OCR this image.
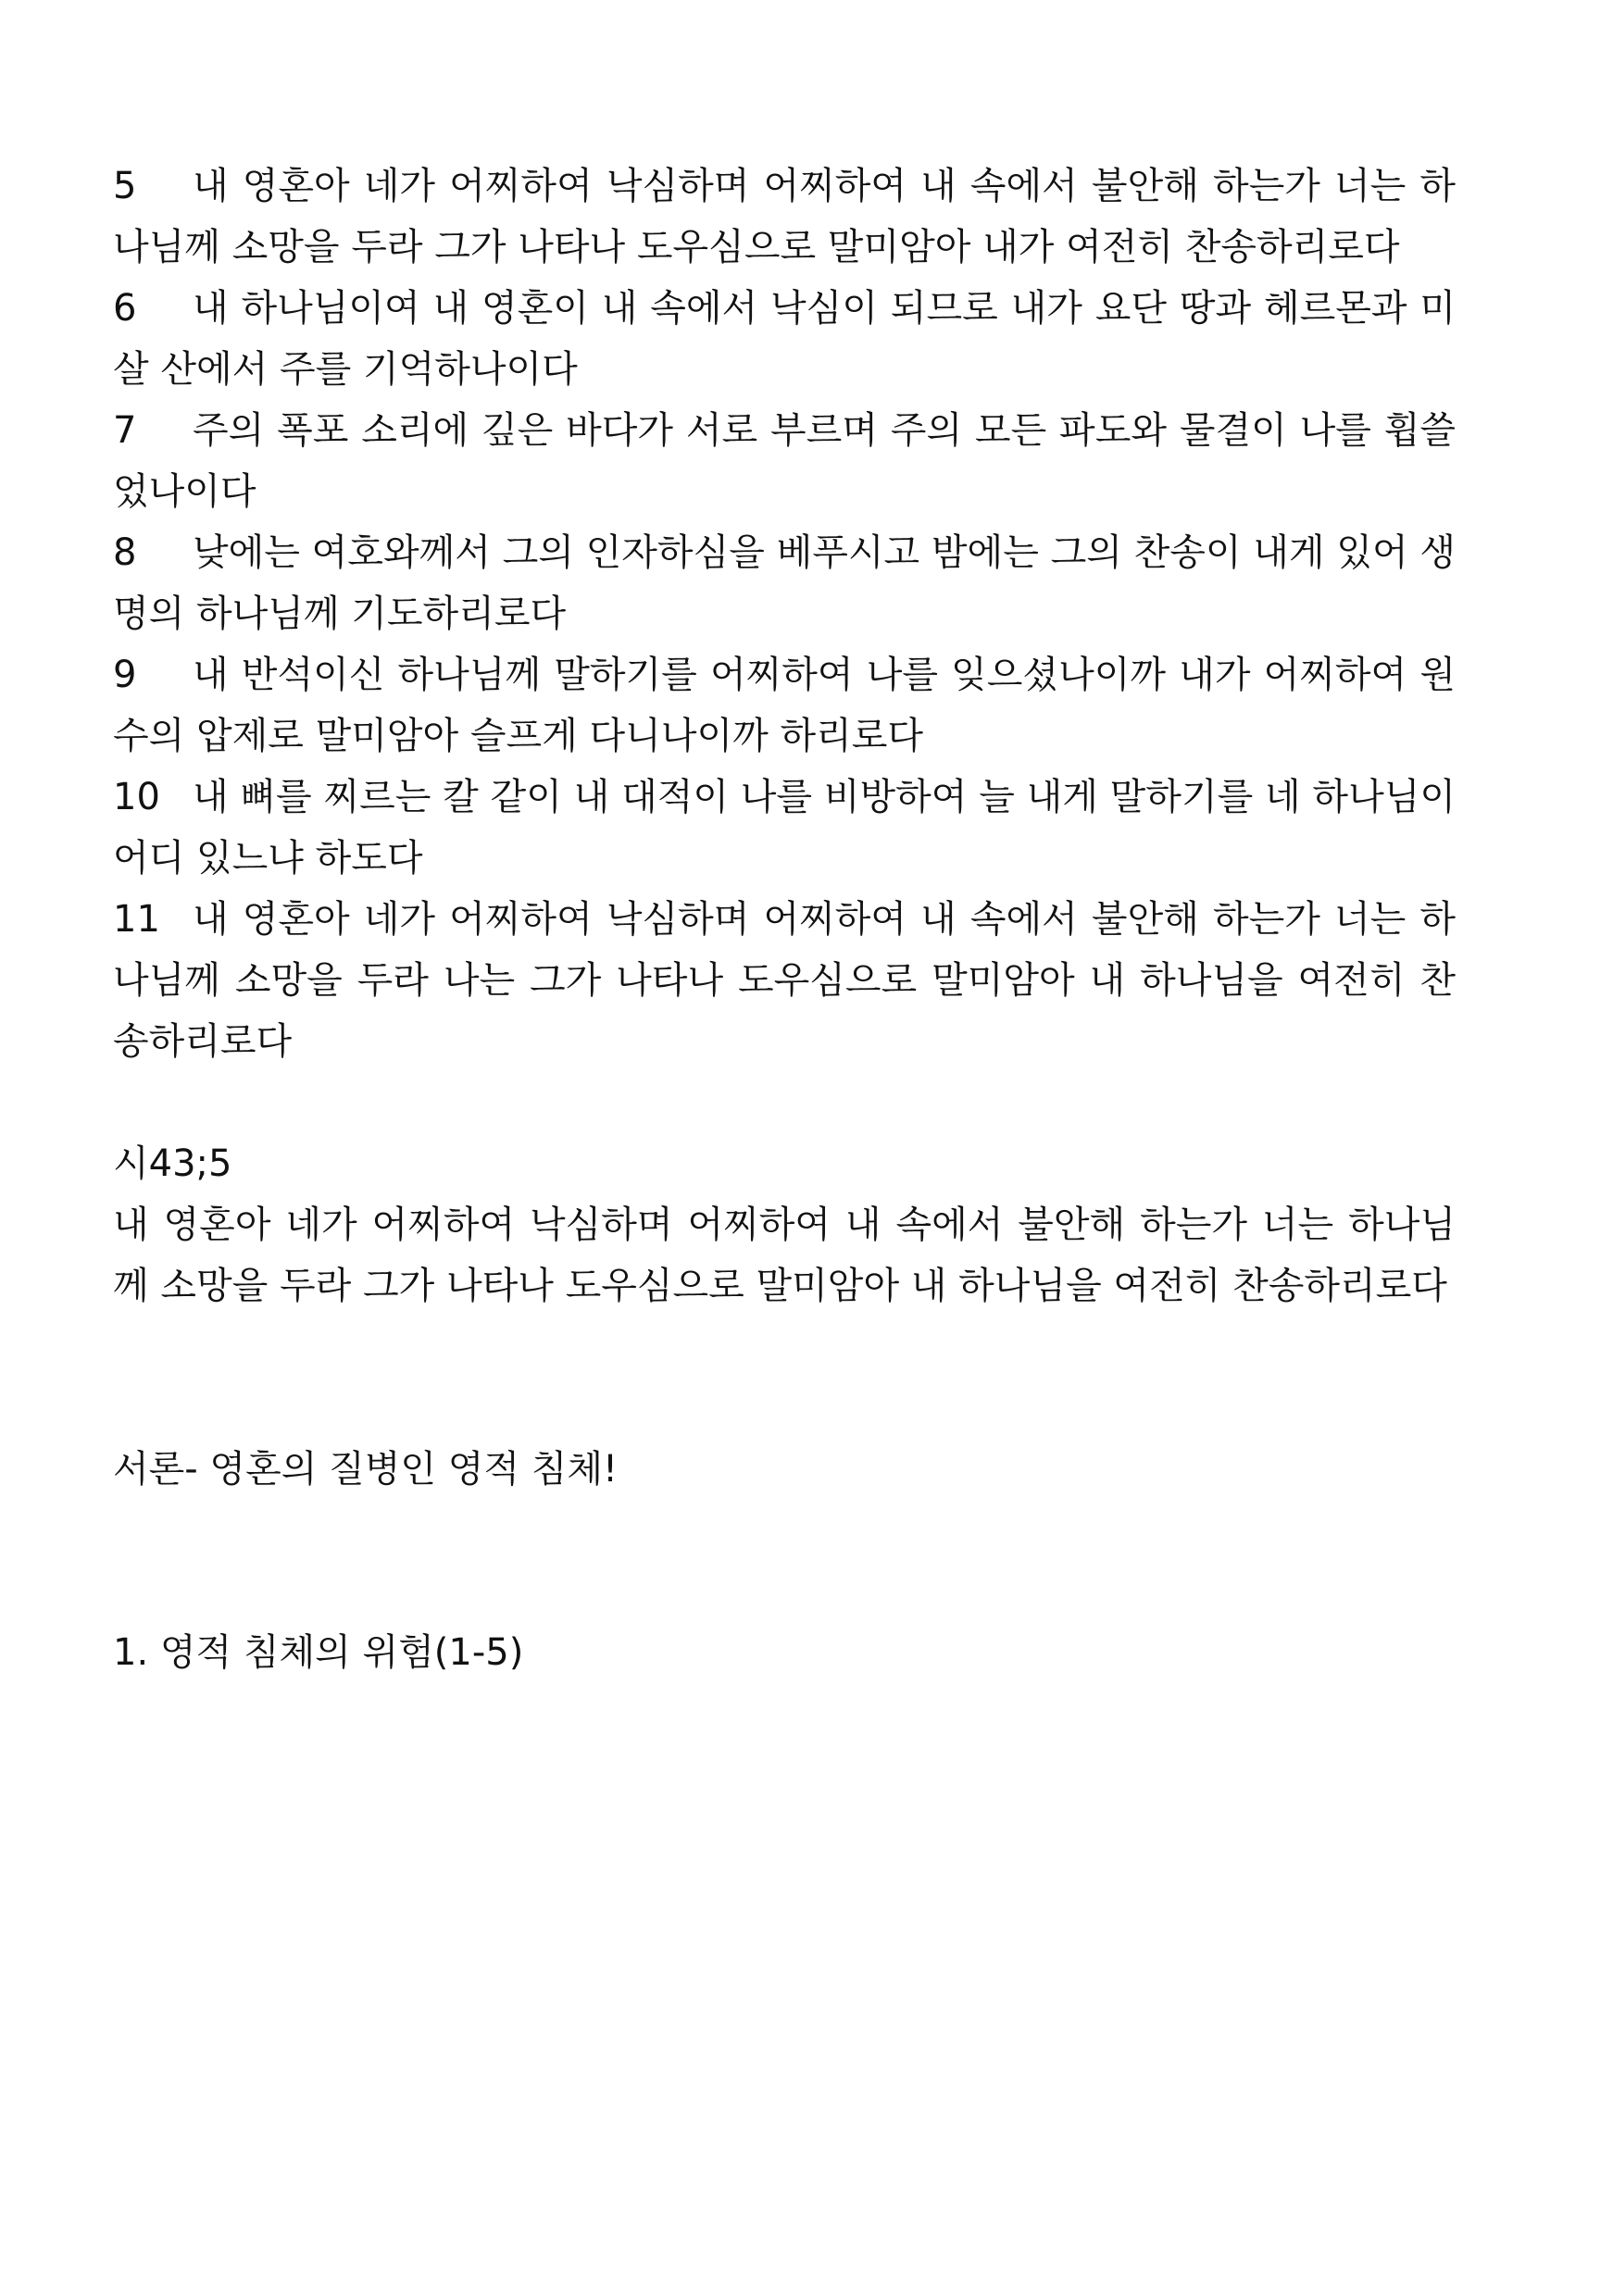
5 내 영혼아 네가 어찌하여 낙심하며 어찌하여 내 속에서 불안해 하는가 너는 하나님께 소망을 두라 그가 나타나 도우심으로 말미암아 내가 여전히 찬송하리로다

6 내 하나님이여 내 영혼이 내 속에서 낙심이 되므로 내가 요단 땅과 헤르몬과 미살 산에서 주를 기억하나이다

7 주의 폭포 소리에 깊은 바다가 서로 부르며 주의 모든 파도와 물결이 나를 휩쓸었나이다

8 낮에는 여호와께서 그의 인자하심을 베푸시고 밤에는 그의 찬송이 내게 있어 생명의 하나님께 기도하리로다

9 내 반석이신 하나님께 말하기를 어찌하여 나를 잊으셨나이까 내가 어찌하여 원수의 압제로 말미암아 슬프게 다니나이까 하리로다

10 내 뼈를 찌르는 칼 같이 내 대적이 나를 비방하여 늘 내게 말하기를 네 하나님이 어디 있느냐 하도다

11 내 영혼아 네가 어찌하여 낙심하며 어찌하여 내 속에서 불안해 하는가 너는 하나님께 소망을 두라 나는 그가 나타나 도우심으로 말미암아 내 하나님을 여전히 찬송하리로다

시43;5

내 영혼아 네가 어찌하여 낙심하며 어찌하여 내 속에서 불안해 하는가 너는 하나님께 소망을 두라 그가 나타나 도우심으로 말미암아 내 하나님을 여전히 찬송하리로다

서론- 영혼의 질병인 영적 침체!

1. 영적 침체의 위험(1-5)
